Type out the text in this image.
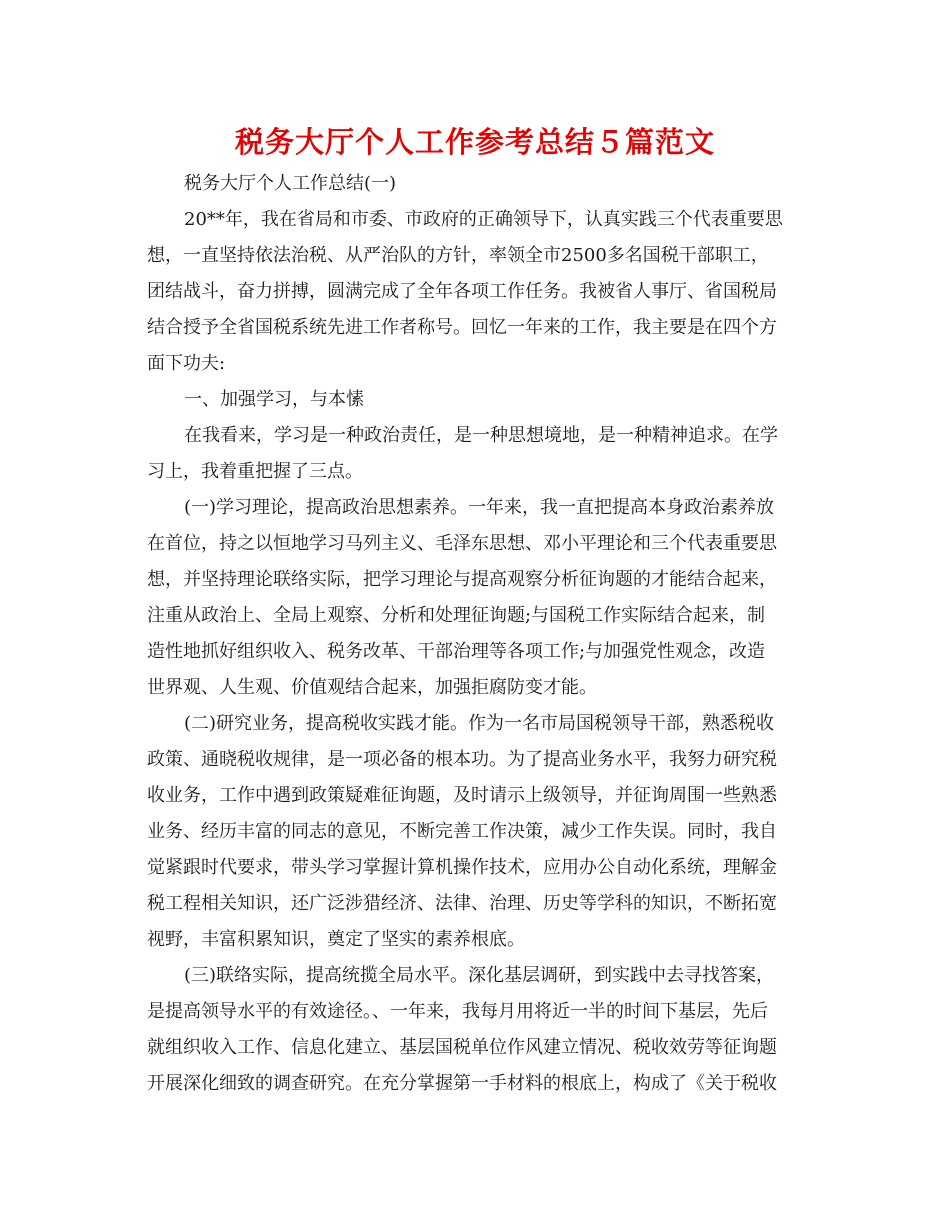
税务大厅个人工作参考总结５篇范文
税务大厅个人工作总结(一)
20**年，我在省局和市委、市政府的正确领导下，认真实践三个代表重要思
想，一直坚持依法治税、从严治队的方针，率领全市2500多名国税干部职工，
团结战斗，奋力拼搏，圆满完成了全年各项工作任务。我被省人事厅、省国税局
结合授予全省国税系统先进工作者称号。回忆一年来的工作，我主要是在四个方
面下功夫:
一、加强学习，与本愫
在我看来，学习是一种政治责任，是一种思想境地，是一种精神追求。在学
习上，我着重把握了三点。
(一)学习理论，提高政治思想素养。一年来，我一直把提高本身政治素养放
在首位，持之以恒地学习马列主义、毛泽东思想、邓小平理论和三个代表重要思
想，并坚持理论联络实际，把学习理论与提高观察分析征询题的才能结合起来，
注重从政治上、全局上观察、分析和处理征询题;与国税工作实际结合起来，制
造性地抓好组织收入、税务改革、干部治理等各项工作;与加强党性观念，改造
世界观、人生观、价值观结合起来，加强拒腐防变才能。
(二)研究业务，提高税收实践才能。作为一名市局国税领导干部，熟悉税收
政策、通晓税收规律，是一项必备的根本功。为了提高业务水平，我努力研究税
收业务，工作中遇到政策疑难征询题，及时请示上级领导，并征询周围一些熟悉
业务、经历丰富的同志的意见，不断完善工作决策，减少工作失误。同时，我自
觉紧跟时代要求，带头学习掌握计算机操作技术，应用办公自动化系统，理解金
税工程相关知识，还广泛涉猎经济、法律、治理、历史等学科的知识，不断拓宽
视野，丰富积累知识，奠定了坚实的素养根底。
(三)联络实际，提高统揽全局水平。深化基层调研，到实践中去寻找答案，
是提高领导水平的有效途径。、一年来，我每月用将近一半的时间下基层，先后
就组织收入工作、信息化建立、基层国税单位作风建立情况、税收效劳等征询题
开展深化细致的调查研究。在充分掌握第一手材料的根底上，构成了《关于税收
